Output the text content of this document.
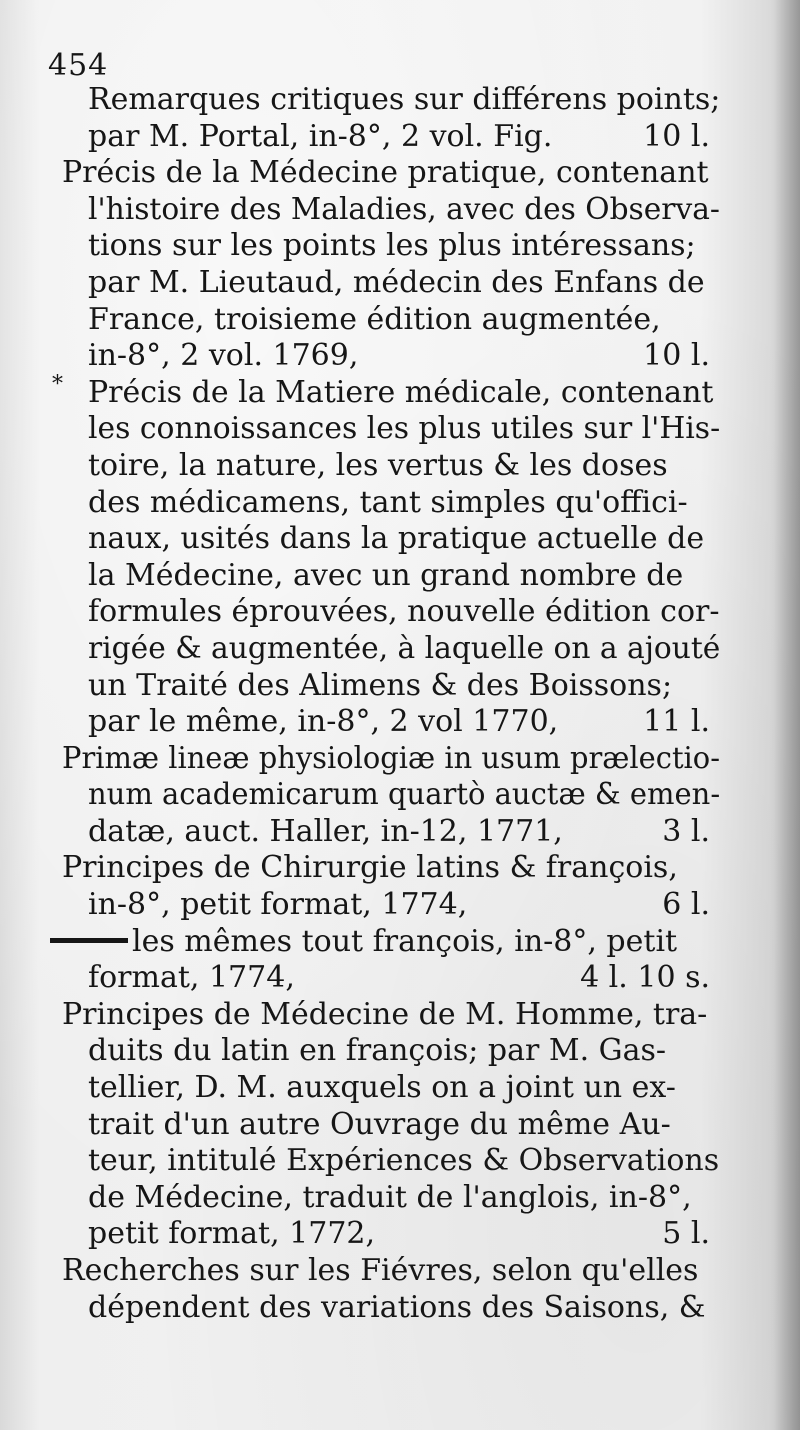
454
Remarques critiques sur différens points;
par M. Portal, in-8°, 2 vol. Fig.	10 l.
Précis de la Médecine pratique, contenant
l'histoire des Maladies, avec des Observa-
tions sur les points les plus intéressans;
par M. Lieutaud, médecin des Enfans de
France, troisieme édition augmentée,
in-8°, 2 vol. 1769,	10 l.
* Précis de la Matiere médicale, contenant
les connoissances les plus utiles sur l'His-
toire, la nature, les vertus & les doses
des médicamens, tant simples qu'offici-
naux, usités dans la pratique actuelle de
la Médecine, avec un grand nombre de
formules éprouvées, nouvelle édition cor-
rigée & augmentée, à laquelle on a ajouté
un Traité des Alimens & des Boissons;
par le même, in-8°, 2 vol 1770,	11 l.
Primæ lineæ physiologiæ in usum prælectio-
num academicarum quartò auctæ & emen-
datæ, auct. Haller, in-12, 1771,	3 l.
Principes de Chirurgie latins & françois,
in-8°, petit format, 1774,	6 l.
les mêmes tout françois, in-8°, petit
format, 1774,	4 l. 10 s.
Principes de Médecine de M. Homme, tra-
duits du latin en françois; par M. Gas-
tellier, D. M. auxquels on a joint un ex-
trait d'un autre Ouvrage du même Au-
teur, intitulé Expériences & Observations
de Médecine, traduit de l'anglois, in-8°,
petit format, 1772,	5 l.
Recherches sur les Fiévres, selon qu'elles
dépendent des variations des Saisons, &
